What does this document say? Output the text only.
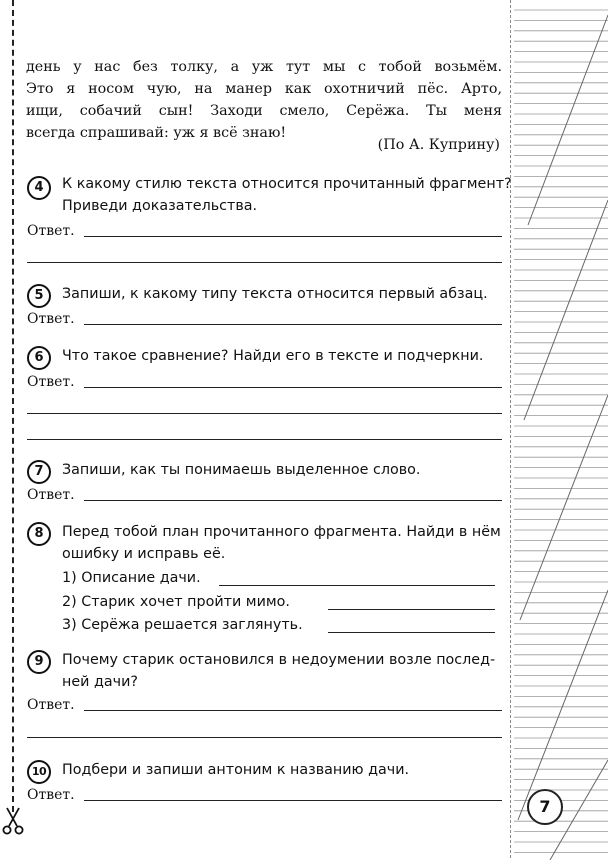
день у нас без толку, а уж тут мы с тобой возьмём.
Это я носом чую, на манер как охотничий пёс. Арто,
ищи, собачий сын! Заходи смело, Серёжа. Ты меня
всегда спрашивай: уж я всё знаю!
(По А. Куприну)
4	К какому стилю текста относится прочитанный фрагмент?
Приведи доказательства.
Ответ.
5	Запиши, к какому типу текста относится первый абзац.
Ответ.
6	Что такое сравнение? Найди его в тексте и подчеркни.
Ответ.
7	Запиши, как ты понимаешь выделенное слово.
Ответ.
8	Перед тобой план прочитанного фрагмента. Найди в нём
ошибку и исправь её.
1) Описание дачи.
2) Старик хочет пройти мимо.
3) Серёжа решается заглянуть.
9	Почему старик остановился в недоумении возле послед-
ней дачи?
Ответ.
10	Подбери и запиши антоним к названию дачи.
Ответ.
7
